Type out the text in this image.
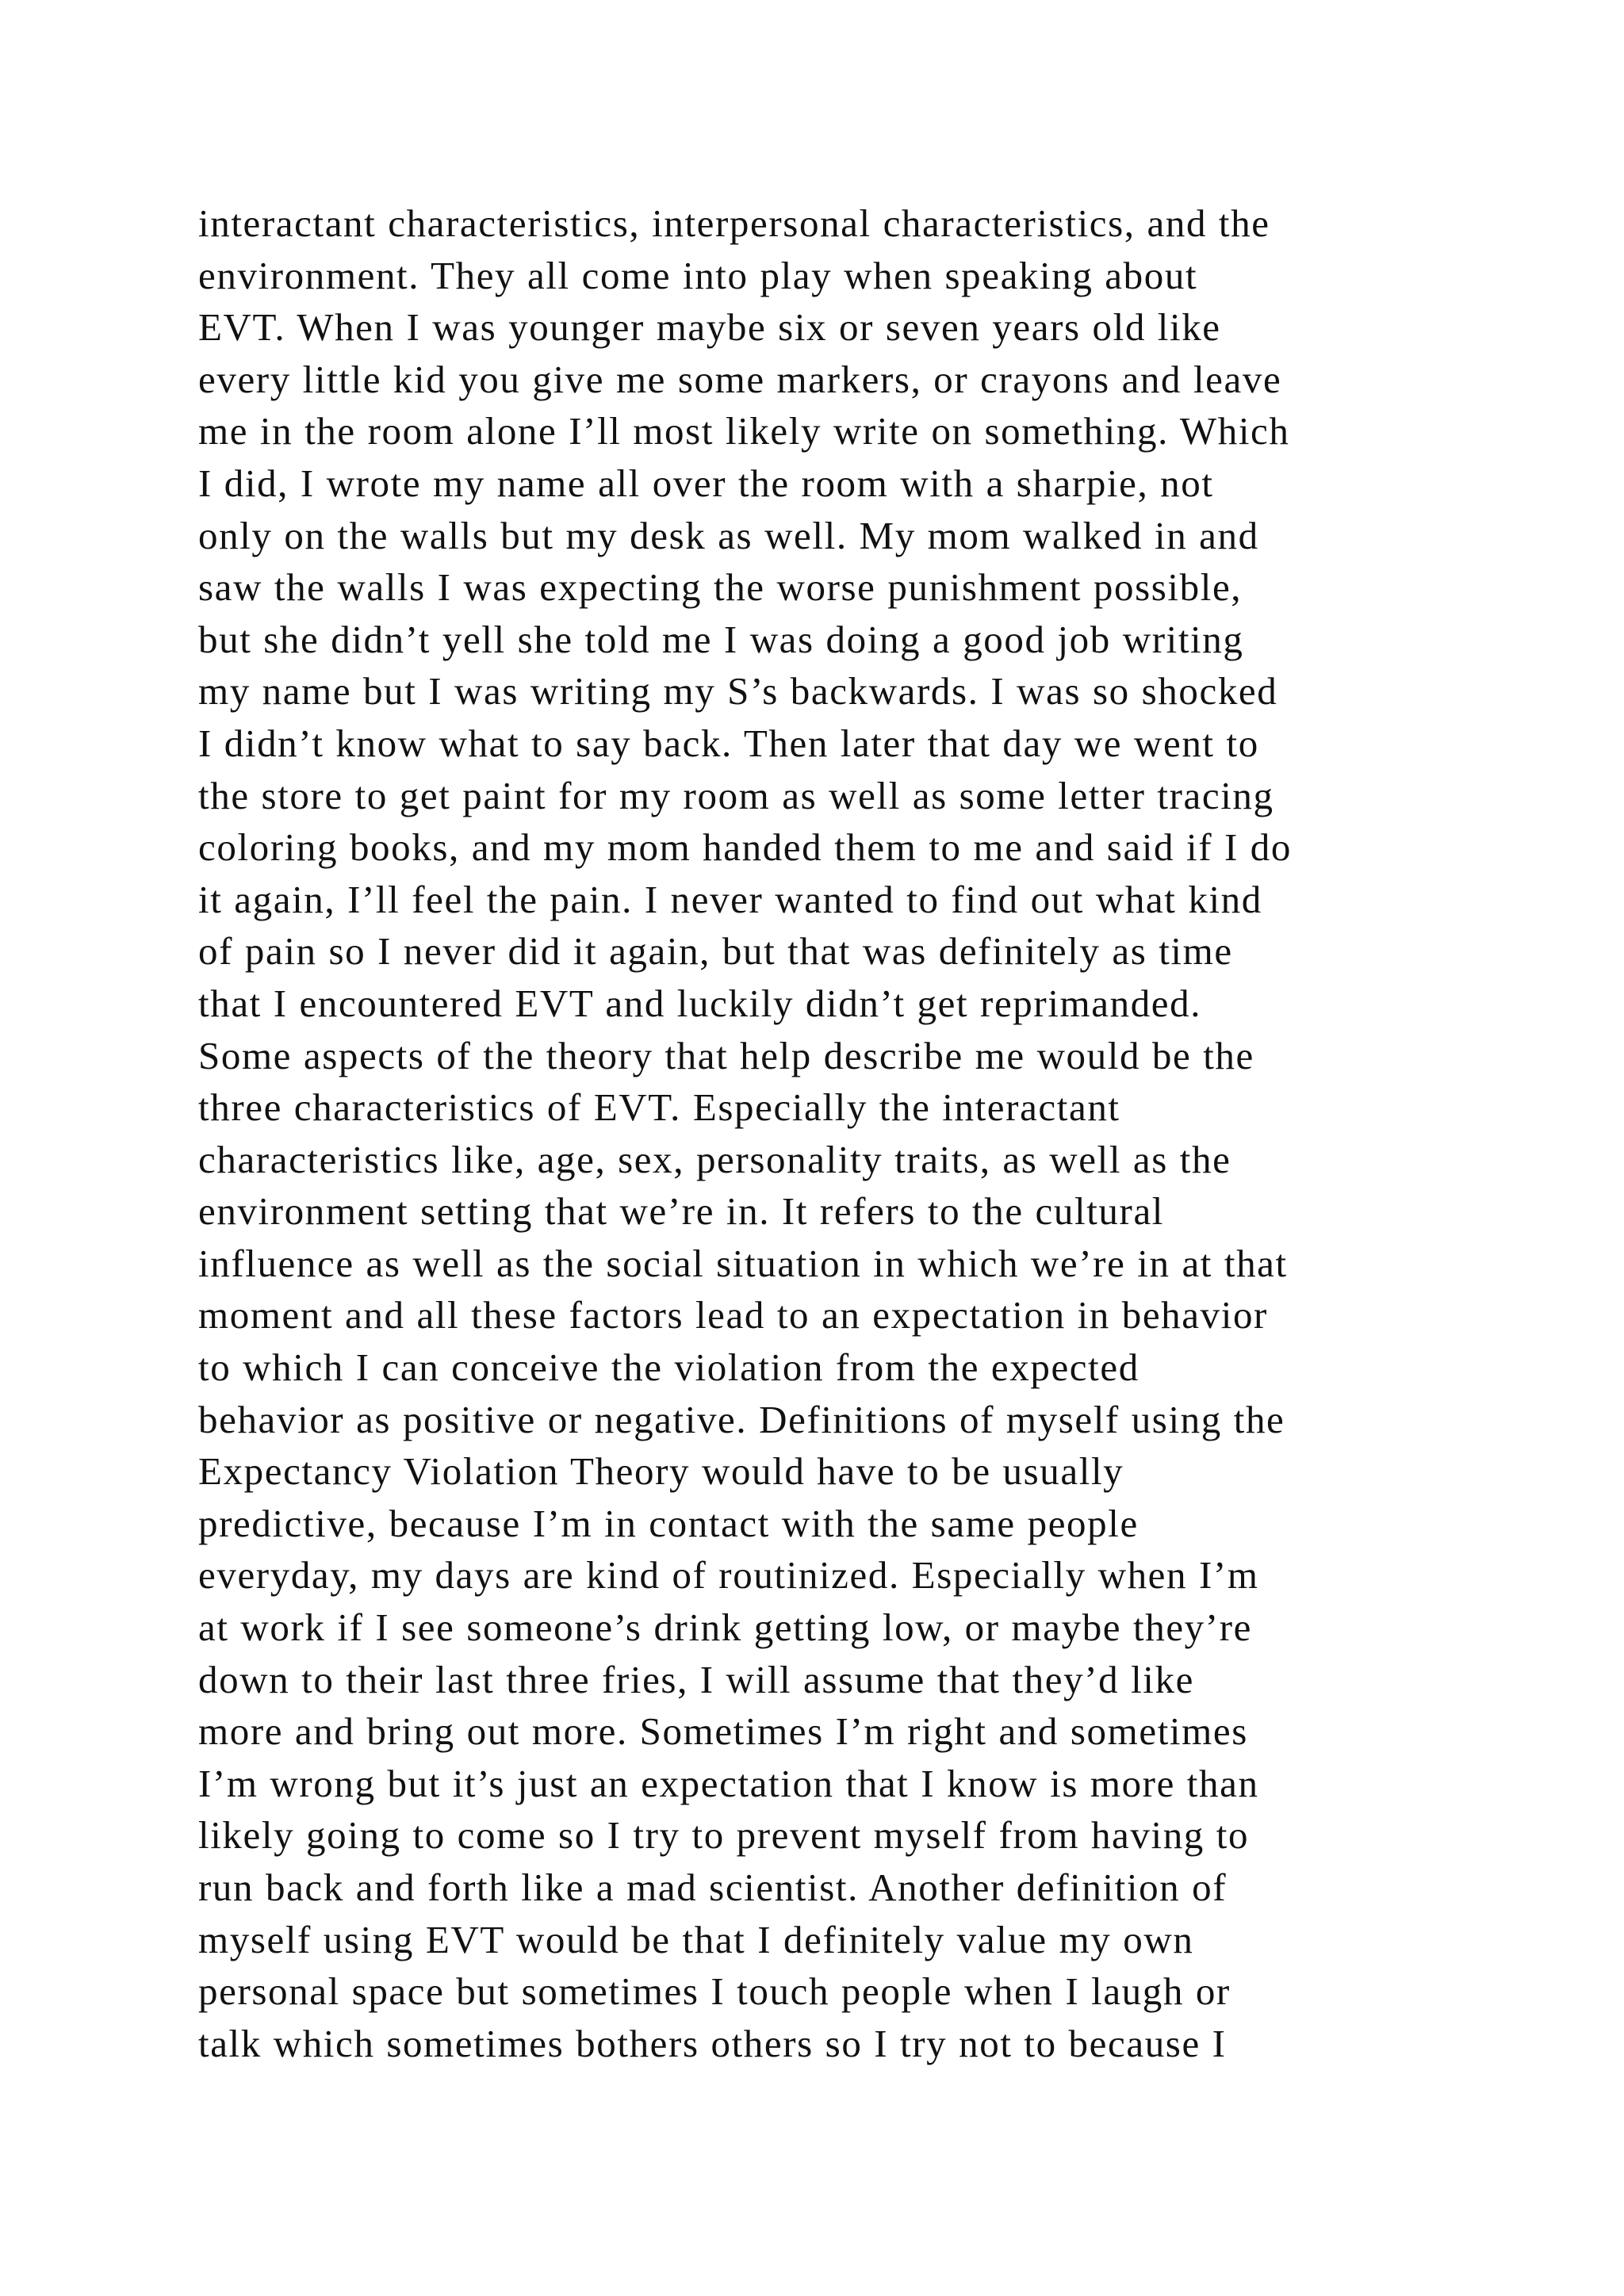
interactant characteristics, interpersonal characteristics, and the
environment. They all come into play when speaking about
EVT. When I was younger maybe six or seven years old like
every little kid you give me some markers, or crayons and leave
me in the room alone I’ll most likely write on something. Which
I did, I wrote my name all over the room with a sharpie, not
only on the walls but my desk as well. My mom walked in and
saw the walls I was expecting the worse punishment possible,
but she didn’t yell she told me I was doing a good job writing
my name but I was writing my S’s backwards. I was so shocked
I didn’t know what to say back. Then later that day we went to
the store to get paint for my room as well as some letter tracing
coloring books, and my mom handed them to me and said if I do
it again, I’ll feel the pain. I never wanted to find out what kind
of pain so I never did it again, but that was definitely as time
that I encountered EVT and luckily didn’t get reprimanded.
Some aspects of the theory that help describe me would be the
three characteristics of EVT. Especially the interactant
characteristics like, age, sex, personality traits, as well as the
environment setting that we’re in. It refers to the cultural
influence as well as the social situation in which we’re in at that
moment and all these factors lead to an expectation in behavior
to which I can conceive the violation from the expected
behavior as positive or negative. Definitions of myself using the
Expectancy Violation Theory would have to be usually
predictive, because I’m in contact with the same people
everyday, my days are kind of routinized. Especially when I’m
at work if I see someone’s drink getting low, or maybe they’re
down to their last three fries, I will assume that they’d like
more and bring out more. Sometimes I’m right and sometimes
I’m wrong but it’s just an expectation that I know is more than
likely going to come so I try to prevent myself from having to
run back and forth like a mad scientist. Another definition of
myself using EVT would be that I definitely value my own
personal space but sometimes I touch people when I laugh or
talk which sometimes bothers others so I try not to because I
